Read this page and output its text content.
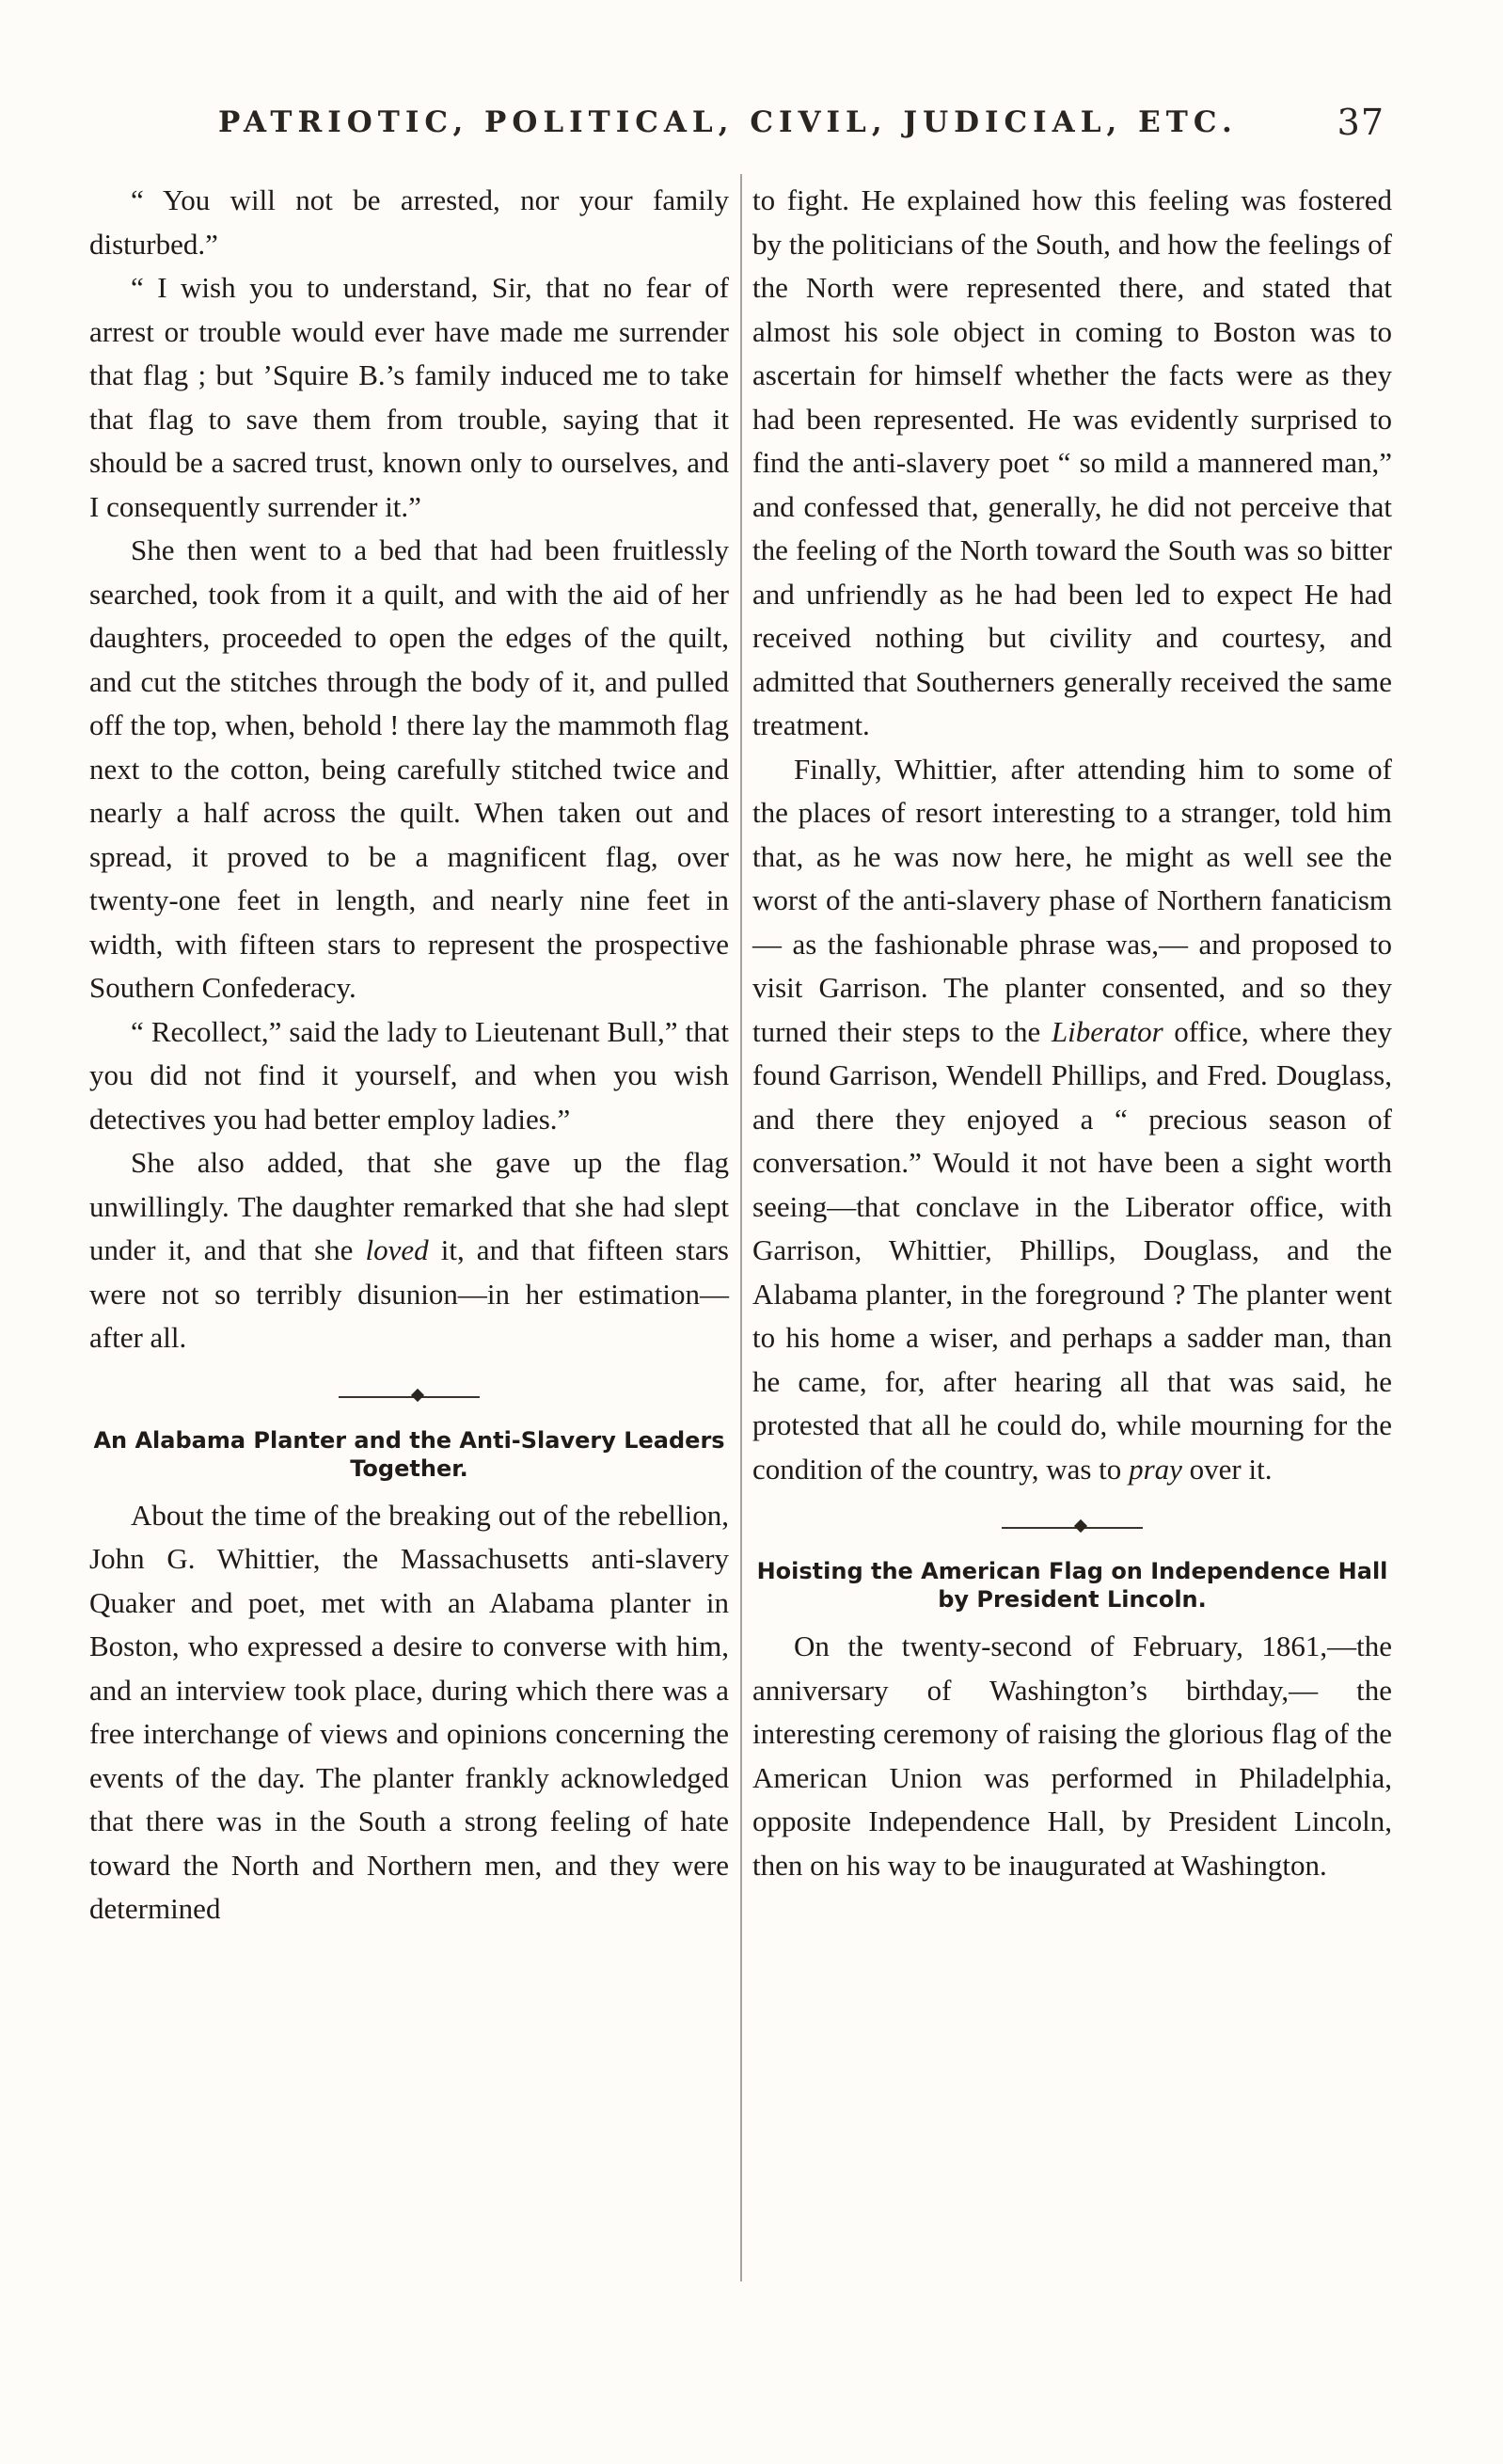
PATRIOTIC, POLITICAL, CIVIL, JUDICIAL, ETC.	37

“ You will not be arrested, nor your family disturbed.”

“ I wish you to understand, Sir, that no fear of arrest or trouble would ever have made me surrender that flag ; but ’Squire B.’s family induced me to take that flag to save them from trouble, saying that it should be a sacred trust, known only to ourselves, and I consequently surrender it.”

She then went to a bed that had been fruitlessly searched, took from it a quilt, and with the aid of her daughters, proceeded to open the edges of the quilt, and cut the stitches through the body of it, and pulled off the top, when, behold ! there lay the mammoth flag next to the cotton, being carefully stitched twice and nearly a half across the quilt. When taken out and spread, it proved to be a magnificent flag, over twenty-one feet in length, and nearly nine feet in width, with fifteen stars to represent the prospective Southern Confederacy.

“ Recollect,” said the lady to Lieutenant Bull,” that you did not find it yourself, and when you wish detectives you had better employ ladies.”

She also added, that she gave up the flag unwillingly. The daughter remarked that she had slept under it, and that she loved it, and that fifteen stars were not so terribly disunion—in her estimation—after all.

An Alabama Planter and the Anti-Slavery Leaders Together.

About the time of the breaking out of the rebellion, John G. Whittier, the Massachusetts anti-slavery Quaker and poet, met with an Alabama planter in Boston, who expressed a desire to converse with him, and an interview took place, during which there was a free interchange of views and opinions concerning the events of the day. The planter frankly acknowledged that there was in the South a strong feeling of hate toward the North and Northern men, and they were determined

to fight. He explained how this feeling was fostered by the politicians of the South, and how the feelings of the North were represented there, and stated that almost his sole object in coming to Boston was to ascertain for himself whether the facts were as they had been represented. He was evidently surprised to find the anti-slavery poet “ so mild a mannered man,” and confessed that, generally, he did not perceive that the feeling of the North toward the South was so bitter and unfriendly as he had been led to expect He had received nothing but civility and courtesy, and admitted that Southerners generally received the same treatment.

Finally, Whittier, after attending him to some of the places of resort interesting to a stranger, told him that, as he was now here, he might as well see the worst of the anti-slavery phase of Northern fanaticism — as the fashionable phrase was,— and proposed to visit Garrison. The planter consented, and so they turned their steps to the Liberator office, where they found Garrison, Wendell Phillips, and Fred. Douglass, and there they enjoyed a “ precious season of conversation.” Would it not have been a sight worth seeing—that conclave in the Liberator office, with Garrison, Whittier, Phillips, Douglass, and the Alabama planter, in the foreground ? The planter went to his home a wiser, and perhaps a sadder man, than he came, for, after hearing all that was said, he protested that all he could do, while mourning for the condition of the country, was to pray over it.

Hoisting the American Flag on Independence Hall by President Lincoln.

On the twenty-second of February, 1861,—the anniversary of Washington’s birthday,— the interesting ceremony of raising the glorious flag of the American Union was performed in Philadelphia, opposite Independence Hall, by President Lincoln, then on his way to be inaugurated at Washington.
